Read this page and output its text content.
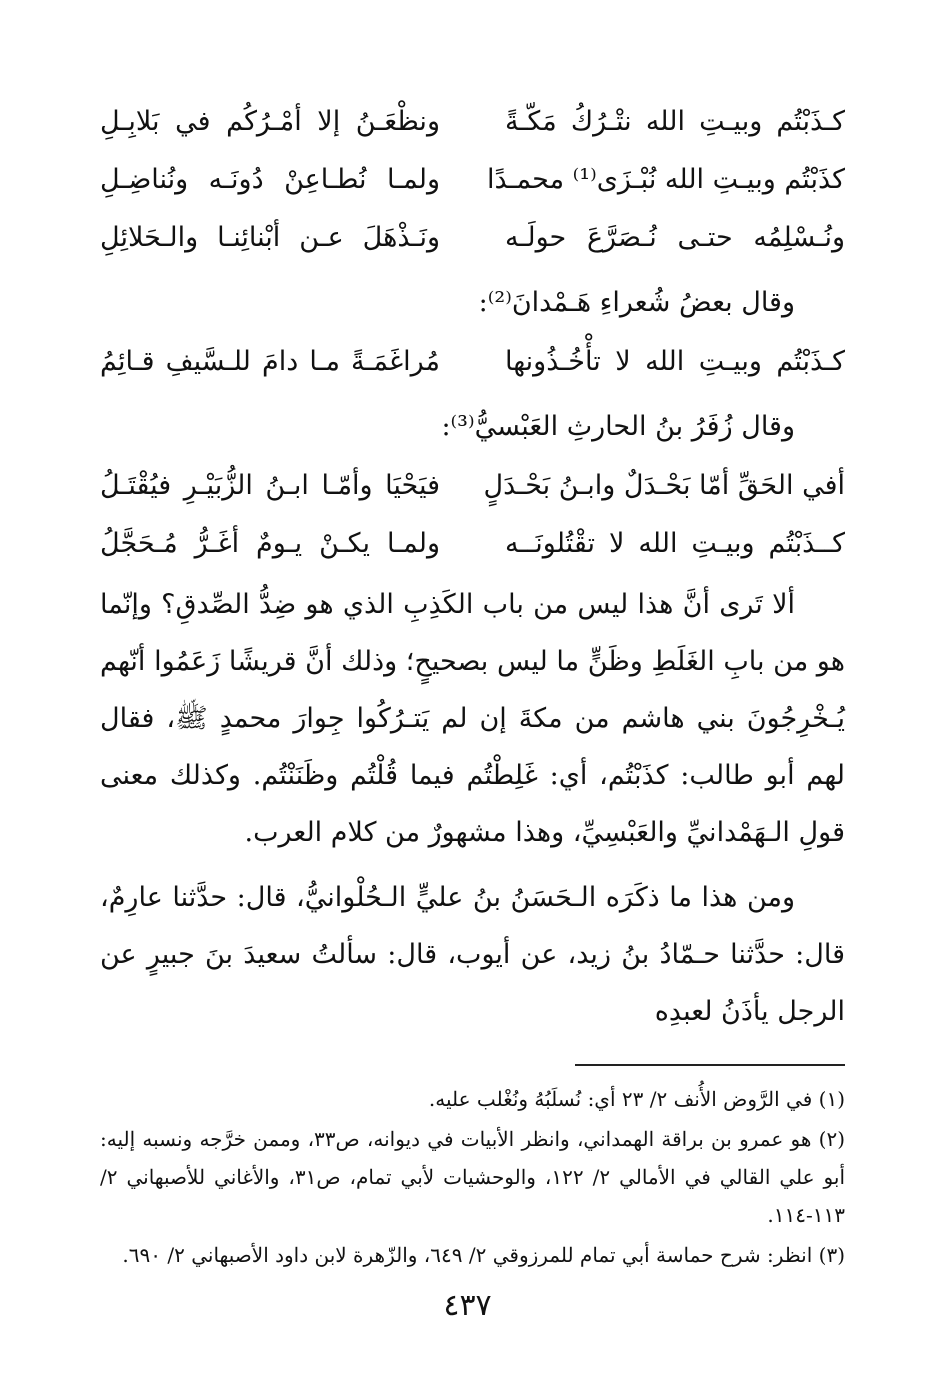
كـذَبْتُم وبيـتِ الله نتْـرُكُ مَكّـةً
ونظْعَـنُ إلا أمْـرُكُم في بَلابِـلِ
كذَبْتُم وبيـتِ الله نُبْـزَى⁽¹⁾ محمـدًا
ولمـا نُطـاعِنْ دُونَـه ونُناضِـلِ
ونُـسْلِمُه حتـى نُـصَرَّعَ حولَـه
ونَـذْهَلَ عـن أبْنائِنـا والـحَلائِلِ
وقال بعضُ شُعراءِ هَـمْدانَ⁽²⁾:
كـذَبْتُم وبيـتِ الله لا تأْخُـذُونها
مُراغَمَـةً مـا دامَ للـسَّيفِ قـائِمُ
وقال زُفَرُ بنُ الحارثِ العَبْسيُّ⁽³⁾:
أفي الحَقِّ أمّا بَحْـدَلٌ وابـنُ بَحْـدَلٍ
فيَحْيَا وأمّـا ابـنُ الزُّبَيْـرِ فيُقْتَـلُ
كــذَبْتُم وبيـتِ الله لا تقْتُلونَــه
ولمـا يكـنْ يـومٌ أغَـرُّ مُـحَجَّلُ

ألا تَرى أنَّ هذا ليس من باب الكَذِبِ الذي هو ضِدُّ الصِّدقِ؟ وإنّما هو من بابِ الغَلَطِ وظَنٍّ ما ليس بصحيحٍ؛ وذلك أنَّ قريشًا زَعَمُوا أنّهم يُـخْرِجُونَ بني هاشم من مكةَ إن لم يَتـرُكُوا جِوارَ محمدٍ ﷺ، فقال لهم أبو طالب: كذَبْتُم، أي: غَلِطْتُم فيما قُلْتُم وظَنَنْتُم. وكذلك معنى قولِ الـهَمْدانيِّ والعَبْسِيِّ، وهذا مشهورٌ من كلام العرب.

ومن هذا ما ذكَرَه الـحَسَنُ بنُ عليٍّ الـحُلْوانيُّ، قال: حدَّثنا عارِمٌ، قال: حدَّثنا حـمّادُ بنُ زيد، عن أيوب، قال: سألتُ سعيدَ بنَ جبيرٍ عن الرجل يأذَنُ لعبدِه

(١) في الرَّوض الأُنف ٢/ ٢٣ أي: نُسلَبُهُ ونُغْلب عليه.

(٢) هو عمرو بن براقة الهمداني، وانظر الأبيات في ديوانه، ص٣٣، وممن خرَّجه ونسبه إليه: أبو علي القالي في الأمالي ٢/ ١٢٢، والوحشيات لأبي تمام، ص٣١، والأغاني للأصبهاني ٢/ ١١٣-١١٤.

(٣) انظر: شرح حماسة أبي تمام للمرزوقي ٢/ ٦٤٩، والزّهرة لابن داود الأصبهاني ٢/ ٦٩٠.

٤٣٧
